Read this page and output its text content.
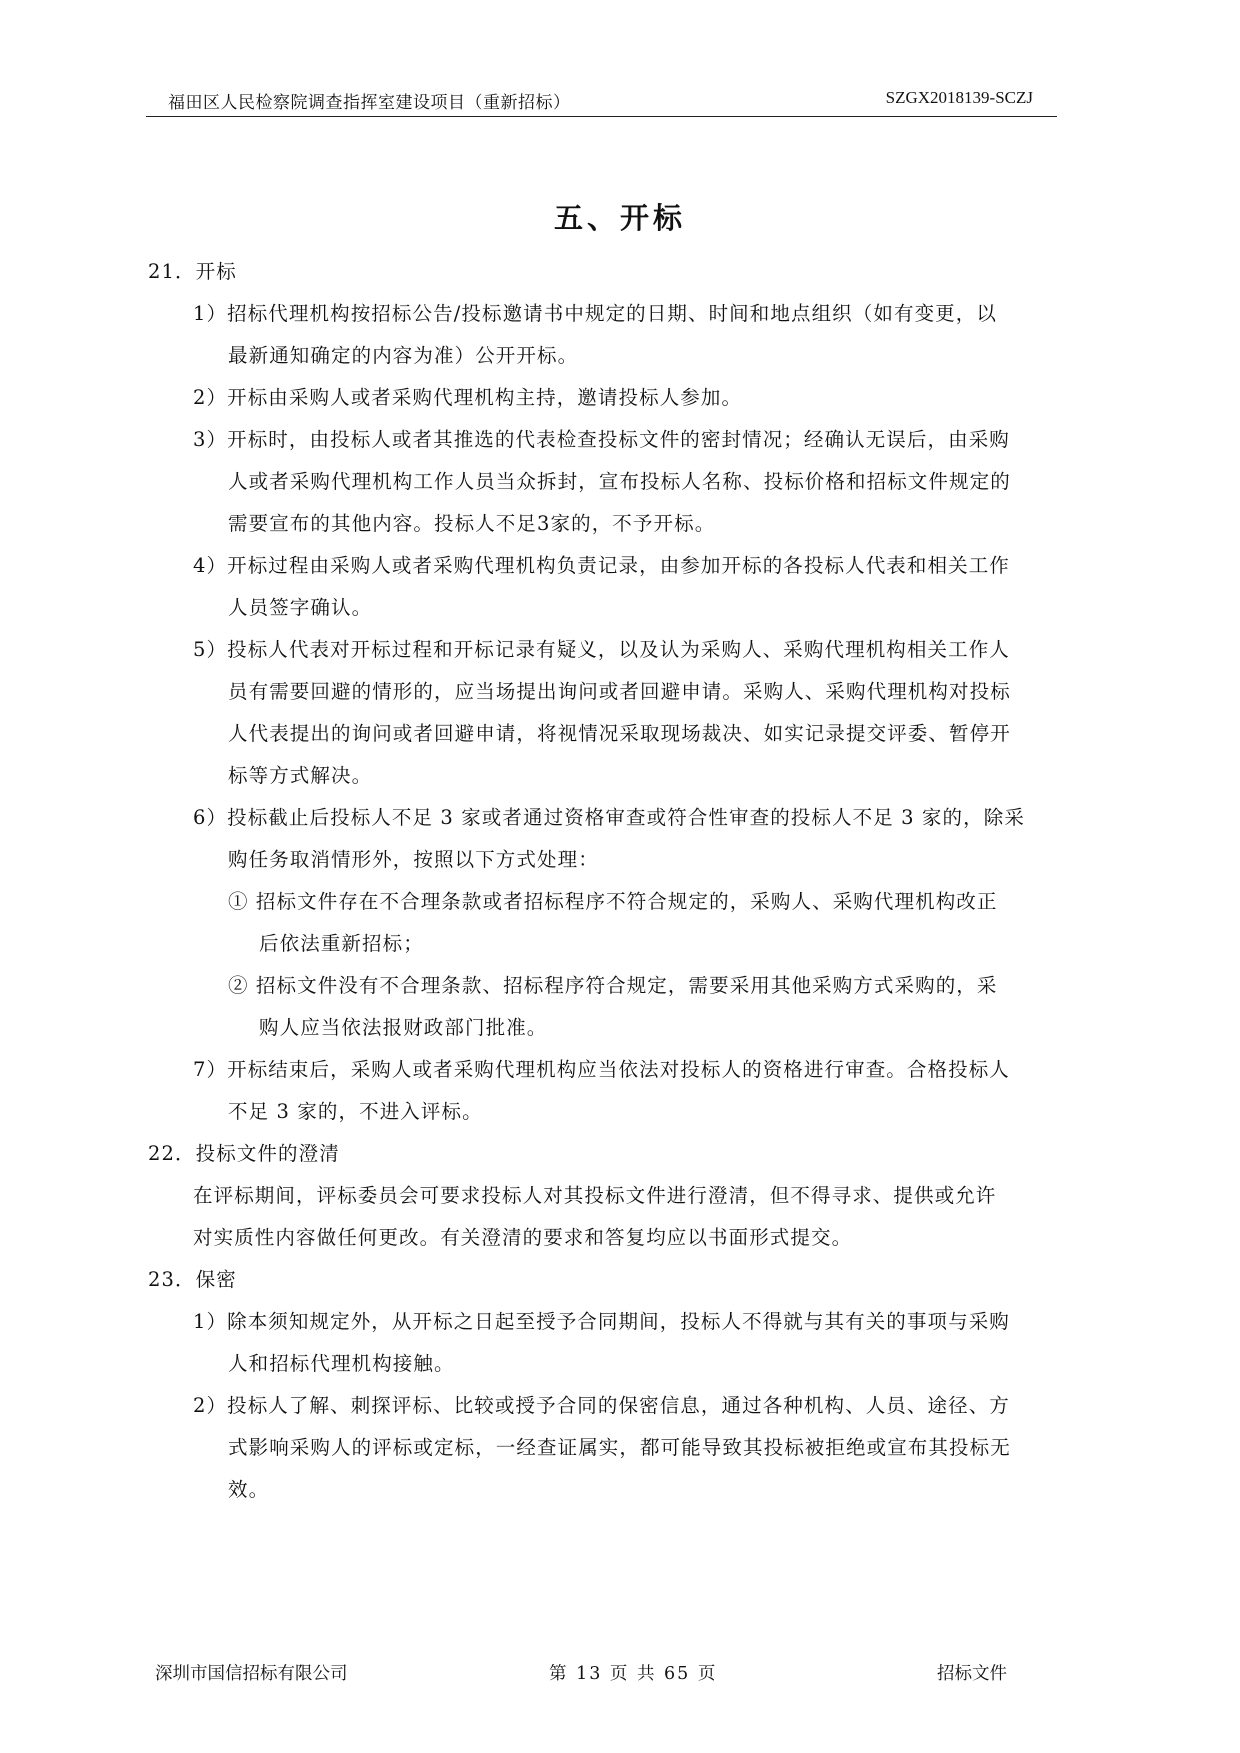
福田区人民检察院调查指挥室建设项目（重新招标）	SZGX2018139-SCZJ
五、开标
21．开标
1）招标代理机构按招标公告/投标邀请书中规定的日期、时间和地点组织（如有变更，以
最新通知确定的内容为准）公开开标。
2）开标由采购人或者采购代理机构主持，邀请投标人参加。
3）开标时，由投标人或者其推选的代表检查投标文件的密封情况；经确认无误后，由采购
人或者采购代理机构工作人员当众拆封，宣布投标人名称、投标价格和招标文件规定的
需要宣布的其他内容。投标人不足3家的，不予开标。
4）开标过程由采购人或者采购代理机构负责记录，由参加开标的各投标人代表和相关工作
人员签字确认。
5）投标人代表对开标过程和开标记录有疑义，以及认为采购人、采购代理机构相关工作人
员有需要回避的情形的，应当场提出询问或者回避申请。采购人、采购代理机构对投标
人代表提出的询问或者回避申请，将视情况采取现场裁决、如实记录提交评委、暂停开
标等方式解决。
6）投标截止后投标人不足 3 家或者通过资格审查或符合性审查的投标人不足 3 家的，除采
购任务取消情形外，按照以下方式处理：
① 招标文件存在不合理条款或者招标程序不符合规定的，采购人、采购代理机构改正
后依法重新招标；
② 招标文件没有不合理条款、招标程序符合规定，需要采用其他采购方式采购的，采
购人应当依法报财政部门批准。
7）开标结束后，采购人或者采购代理机构应当依法对投标人的资格进行审查。合格投标人
不足 3 家的，不进入评标。
22．投标文件的澄清
在评标期间，评标委员会可要求投标人对其投标文件进行澄清，但不得寻求、提供或允许
对实质性内容做任何更改。有关澄清的要求和答复均应以书面形式提交。
23．保密
1）除本须知规定外，从开标之日起至授予合同期间，投标人不得就与其有关的事项与采购
人和招标代理机构接触。
2）投标人了解、刺探评标、比较或授予合同的保密信息，通过各种机构、人员、途径、方
式影响采购人的评标或定标，一经查证属实，都可能导致其投标被拒绝或宣布其投标无
效。
深圳市国信招标有限公司	第 13 页 共 65 页	招标文件
